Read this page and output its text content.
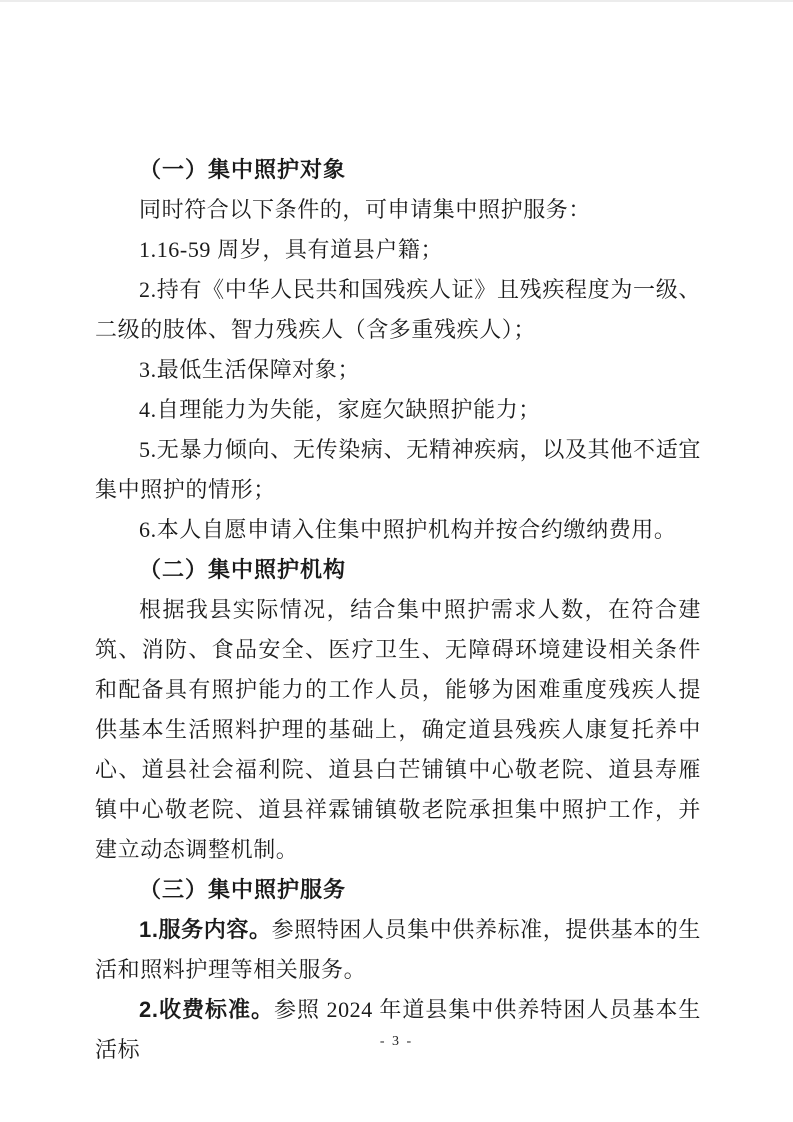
（一）集中照护对象

同时符合以下条件的，可申请集中照护服务：

1.16-59 周岁，具有道县户籍；

2.持有《中华人民共和国残疾人证》且残疾程度为一级、二级的肢体、智力残疾人（含多重残疾人）；

3.最低生活保障对象；

4.自理能力为失能，家庭欠缺照护能力；

5.无暴力倾向、无传染病、无精神疾病，以及其他不适宜集中照护的情形；

6.本人自愿申请入住集中照护机构并按合约缴纳费用。

（二）集中照护机构

根据我县实际情况，结合集中照护需求人数，在符合建筑、消防、食品安全、医疗卫生、无障碍环境建设相关条件和配备具有照护能力的工作人员，能够为困难重度残疾人提供基本生活照料护理的基础上，确定道县残疾人康复托养中心、道县社会福利院、道县白芒铺镇中心敬老院、道县寿雁镇中心敬老院、道县祥霖铺镇敬老院承担集中照护工作，并建立动态调整机制。

（三）集中照护服务

1.服务内容。参照特困人员集中供养标准，提供基本的生活和照料护理等相关服务。

2.收费标准。参照 2024 年道县集中供养特困人员基本生活标	- 3 -
